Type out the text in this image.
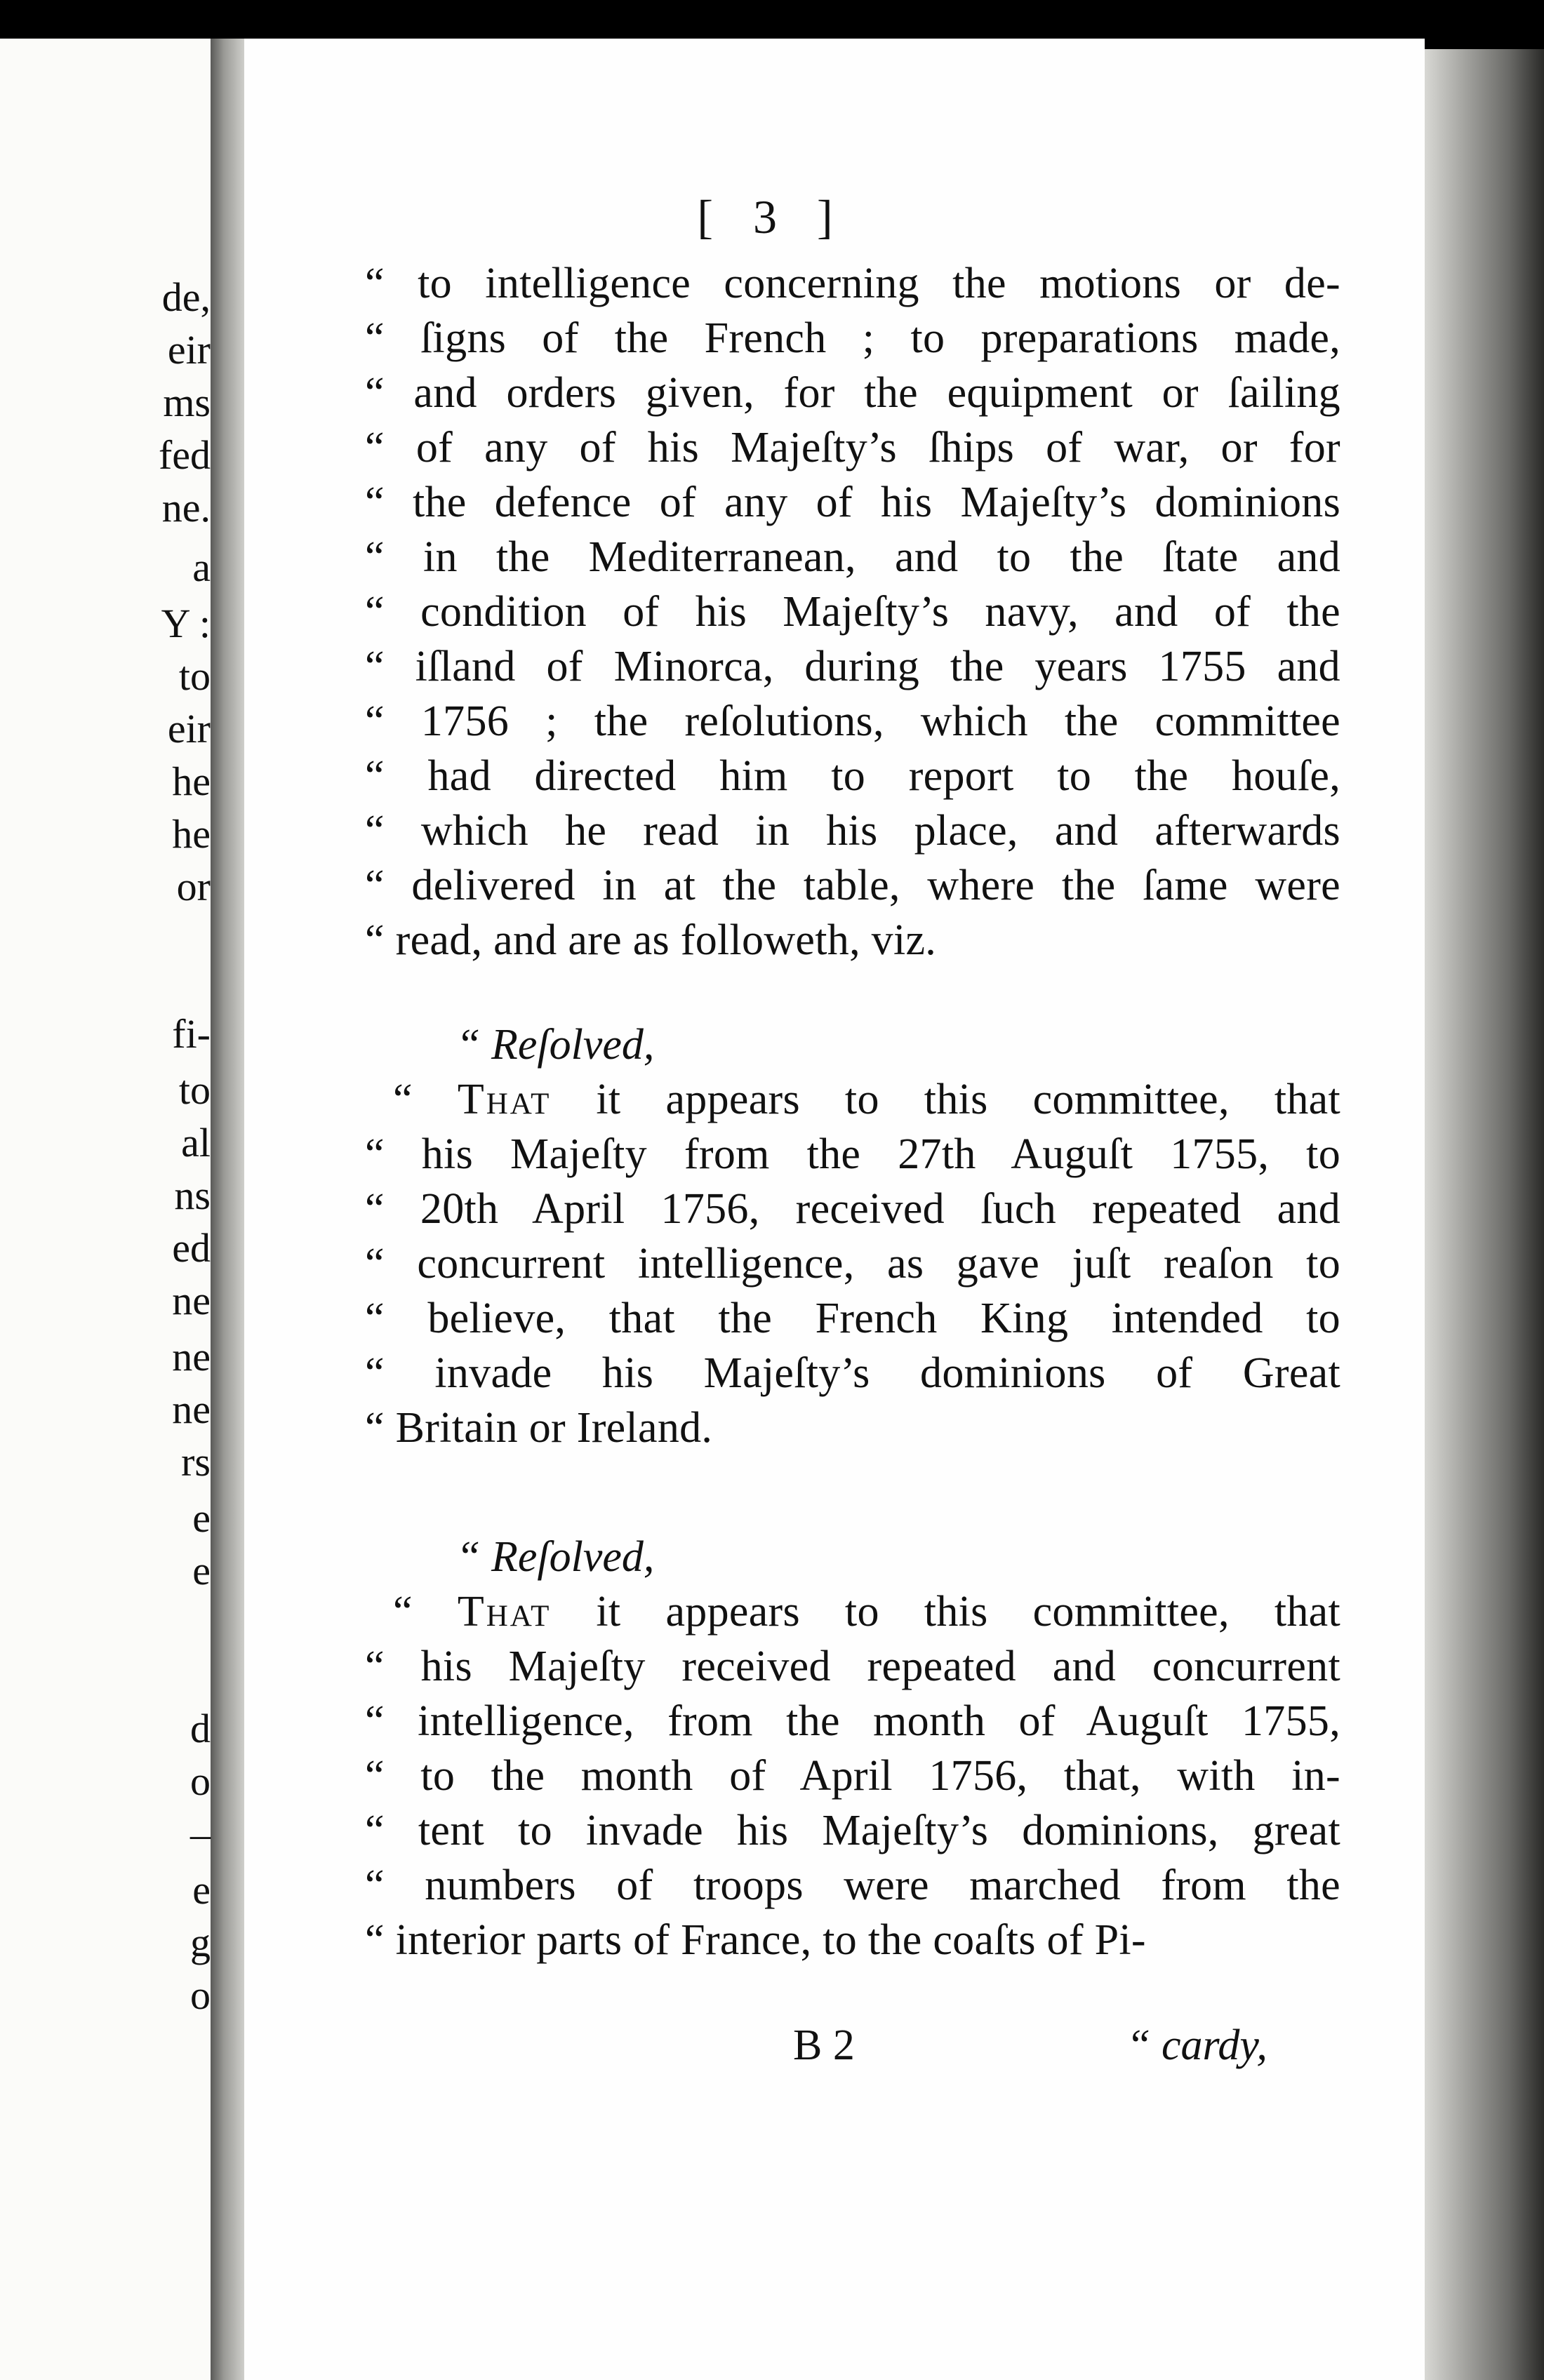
[ 3 ]
“ to intelligence concerning the motions or de-
“ ſigns of the French ; to preparations made,
“ and orders given, for the equipment or ſailing
“ of any of his Majeſty’s ſhips of war, or for
“ the defence of any of his Majeſty’s dominions
“ in the Mediterranean, and to the ſtate and
“ condition of his Majeſty’s navy, and of the
“ iſland of Minorca, during the years 1755 and
“ 1756 ; the reſolutions, which the committee
“ had directed him to report to the houſe,
“ which he read in his place, and afterwards
“ delivered in at the table, where the ſame were
“ read, and are as followeth, viz.
“ Reſolved,
“ That it appears to this committee, that
“ his Majeſty from the 27th Auguſt 1755, to
“ 20th April 1756, received ſuch repeated and
“ concurrent intelligence, as gave juſt reaſon to
“ believe, that the French King intended to
“ invade his Majeſty’s dominions of Great
“ Britain or Ireland.
“ Reſolved,
“ That it appears to this committee, that
“ his Majeſty received repeated and concurrent
“ intelligence, from the month of Auguſt 1755,
“ to the month of April 1756, that, with in-
“ tent to invade his Majeſty’s dominions, great
“ numbers of troops were marched from the
“ interior parts of France, to the coaſts of Pi-
B 2	“ cardy,
de,
eir
ms
fed
ne.
a
Y :
to
eir
he
he
or
fi-
to
al
ns
ed
ne
ne
ne
rs
e
e
d
o
–
e
g
o
